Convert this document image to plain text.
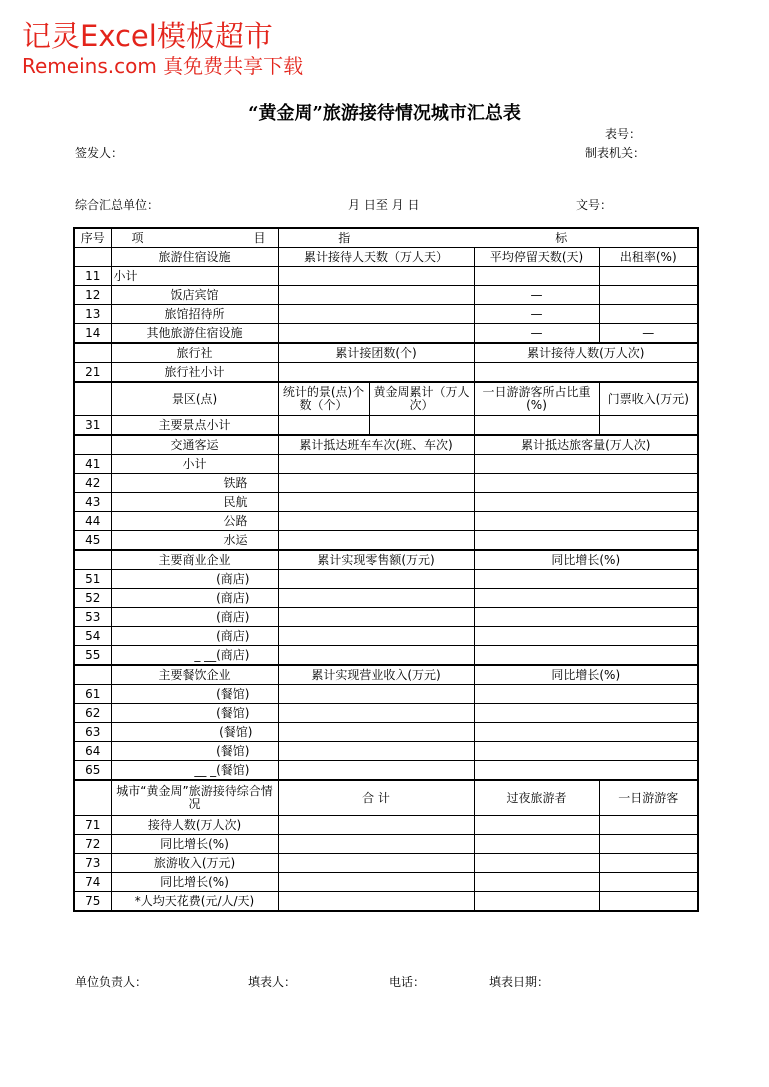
记灵Excel模板超市
Remeins.com 真免费共享下载
“黄金周”旅游接待情况城市汇总表
表号：
签发人：	制表机关：
综合汇总单位：	月 日至 月 日	文号：
序号	项 目	指 标			
	旅游住宿设施	累计接待人天数（万人天）		平均停留天数(天)	出租率(%)
11	小计				
12	饭店宾馆			—	
13	旅馆招待所			—	
14	其他旅游住宿设施			—	—
	旅行社	累计接团数(个)		累计接待人数(万人次)	
21	旅行社小计				
	景区(点)	统计的景(点)个数（个）	黄金周累计（万人次）	一日游游客所占比重(%)	门票收入(万元)
31	主要景点小计				
	交通客运	累计抵达班车车次(班、车次)		累计抵达旅客量(万人次)	
41	小计				
42	铁路				
43	民航				
44	公路				
45	水运				
	主要商业企业	累计实现零售额(万元)		同比增长(%)	
51	(商店)				
52	(商店)				
53	(商店)				
54	(商店)				
55	_ __(商店)				
	主要餐饮企业	累计实现营业收入(万元)		同比增长(%)	
61	(餐馆)				
62	(餐馆)				
63	(餐馆)				
64	(餐馆)				
65	__ _(餐馆)				
	城市“黄金周”旅游接待综合情况	合 计		过夜旅游者	一日游游客
71	接待人数(万人次)				
72	同比增长(%)				
73	旅游收入(万元)				
74	同比增长(%)				
75	*人均天花费(元/人/天)				
单位负责人：	填表人：	电话：	填表日期：
